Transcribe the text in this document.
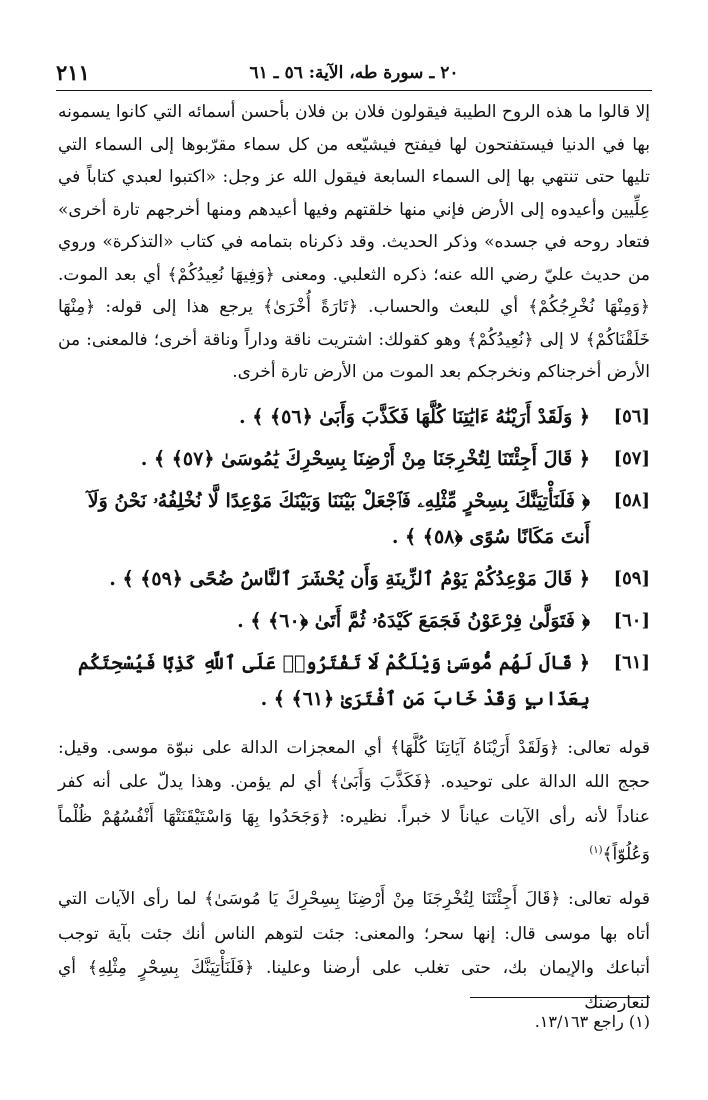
٢١١	٢٠ ـ سورة طه، الآية: ٥٦ ـ ٦١

إلا قالوا ما هذه الروح الطيبة فيقولون فلان بن فلان بأحسن أسمائه التي كانوا يسمونه بها في الدنيا فيستفتحون لها فيفتح فيشيّعه من كل سماء مقرّبوها إلى السماء التي تليها حتى تنتهي بها إلى السماء السابعة فيقول الله عز وجل: «اكتبوا لعبدي كتاباً في عِلِّيين وأعيدوه إلى الأرض فإني منها خلقتهم وفيها أعيدهم ومنها أخرجهم تارة أخرى» فتعاد روحه في جسده» وذكر الحديث. وقد ذكرناه بتمامه في كتاب «التذكرة» وروي من حديث عليّ رضي الله عنه؛ ذكره الثعلبي. ومعنى ﴿وَفِيهَا نُعِيدُكُمْ﴾ أي بعد الموت. ﴿وَمِنْهَا نُخْرِجُكُمْ﴾ أي للبعث والحساب. ﴿تَارَةً أُخْرَىٰ﴾ يرجع هذا إلى قوله: ﴿مِنْهَا خَلَقْنَاكُمْ﴾ لا إلى ﴿نُعِيدُكُمْ﴾ وهو كقولك: اشتريت ناقة وداراً وناقة أخرى؛ فالمعنى: من الأرض أخرجناكم ونخرجكم بعد الموت من الأرض تارة أخرى.

[٥٦]
﴿ وَلَقَدْ أَرَيْنَٰهُ ءَايَٰتِنَا كُلَّهَا فَكَذَّبَ وَأَبَىٰ ﴿٥٦﴾ ﴾ .
[٥٧]
﴿ قَالَ أَجِئْتَنَا لِتُخْرِجَنَا مِنْ أَرْضِنَا بِسِحْرِكَ يَٰمُوسَىٰ ﴿٥٧﴾ ﴾ .
[٥٨]
﴿ فَلَنَأْتِيَنَّكَ بِسِحْرٍ مِّثْلِهِۦ فَٱجْعَلْ بَيْنَنَا وَبَيْنَكَ مَوْعِدًا لَّا نُخْلِفُهُۥ نَحْنُ وَلَآ أَنتَ مَكَانًا سُوًى ﴿٥٨﴾ ﴾ .
[٥٩]
﴿ قَالَ مَوْعِدُكُمْ يَوْمُ ٱلزِّينَةِ وَأَن يُحْشَرَ ٱلنَّاسُ ضُحًى ﴿٥٩﴾ ﴾ .
[٦٠]
﴿ فَتَوَلَّىٰ فِرْعَوْنُ فَجَمَعَ كَيْدَهُۥ ثُمَّ أَتَىٰ ﴿٦٠﴾ ﴾ .
[٦١]
﴿ قَالَ لَهُم مُّوسَىٰ وَيْلَكُمْ لَا تَفْتَرُوا۟ عَلَى ٱللَّهِ كَذِبًا فَيُسْحِتَكُم بِعَذَابٍ وَقَدْ خَابَ مَنِ ٱفْتَرَىٰ ﴿٦١﴾ ﴾ .

قوله تعالى: ﴿وَلَقَدْ أَرَيْنَاهُ آيَاتِنَا كُلَّهَا﴾ أي المعجزات الدالة على نبوّة موسى. وقيل: حجج الله الدالة على توحيده. ﴿فَكَذَّبَ وَأَبَىٰ﴾ أي لم يؤمن. وهذا يدلّ على أنه كفر عناداً لأنه رأى الآيات عياناً لا خبراً. نظيره: ﴿وَجَحَدُوا بِهَا وَاسْتَيْقَنَتْهَا أَنْفُسُهُمْ ظُلْماً وَعُلُوّاً﴾$^{(١)}$

قوله تعالى: ﴿قَالَ أَجِئْتَنَا لِتُخْرِجَنَا مِنْ أَرْضِنَا بِسِحْرِكَ يَا مُوسَىٰ﴾ لما رأى الآيات التي أتاه بها موسى قال: إنها سحر؛ والمعنى: جئت لتوهم الناس أنك جئت بآية توجب أتباعك والإيمان بك، حتى تغلب على أرضنا وعلينا. ﴿فَلَنَأْتِيَنَّكَ بِسِحْرٍ مِثْلِهِ﴾ أي لنعارضنك

(١) راجع ١٣/١٦٣.
